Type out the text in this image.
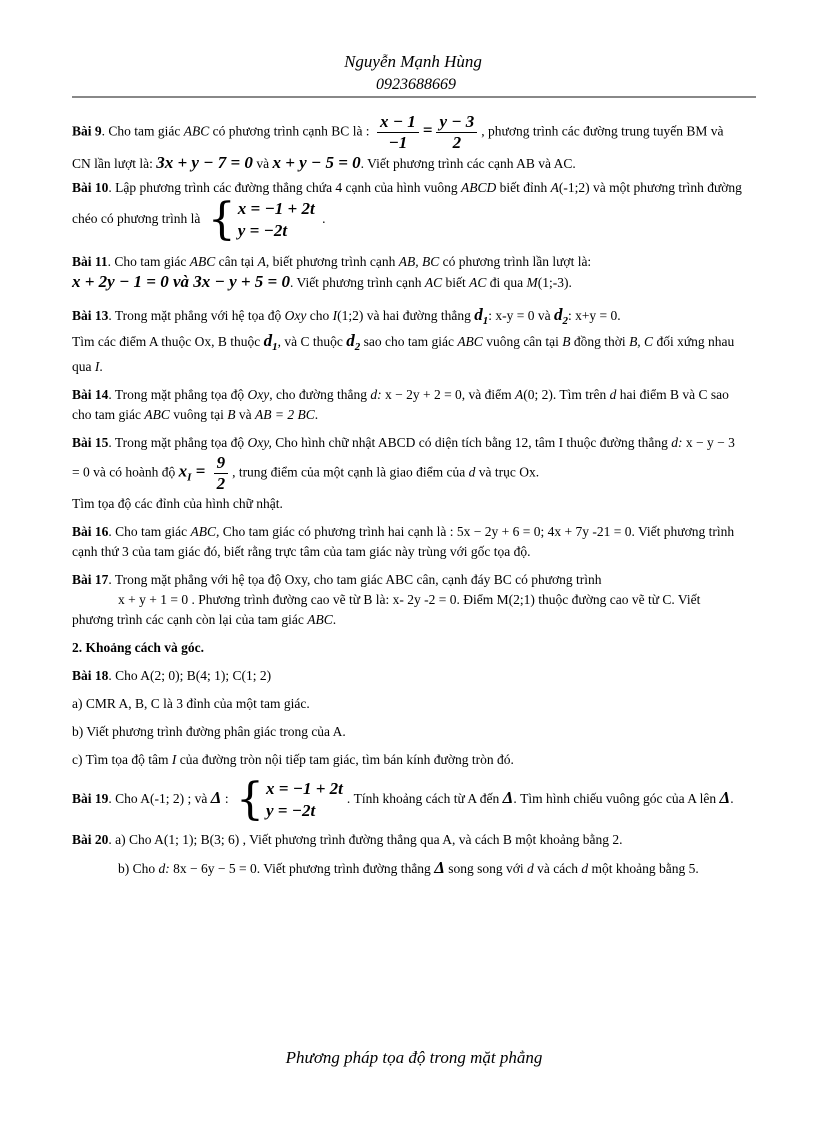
Nguyễn Mạnh Hùng
0923688669

Bài 9. Cho tam giác ABC có phương trình cạnh BC là : $\frac{x - 1}{-1} = \frac{y - 3}{2}$ , phương trình các đường trung tuyến BM và CN lần lượt là: 3x + y − 7 = 0 và x + y − 5 = 0. Viết phương trình các cạnh AB và AC.

Bài 10. Lập phương trình các đường thẳng chứa 4 cạnh của hình vuông ABCD biết đỉnh A(-1;2) và một phương trình đường chéo có phương trình là { x = −1 + 2t
y = −2t
.

Bài 11. Cho tam giác ABC cân tại A, biết phương trình cạnh AB, BC có phương trình lần lượt là:
x + 2y − 1 = 0 và 3x − y + 5 = 0. Viết phương trình cạnh AC biết AC đi qua M(1;-3).

Bài 13. Trong mặt phẳng với hệ tọa độ Oxy cho I(1;2) và hai đường thẳng $d_1$: x-y = 0 và $d_2$: x+y = 0.
Tìm các điểm A thuộc Ox, B thuộc $d_1$, và C thuộc $d_2$ sao cho tam giác ABC vuông cân tại B đồng thời B, C đối xứng nhau qua I.

Bài 14. Trong mặt phẳng tọa độ Oxy, cho đường thẳng d: x − 2y + 2 = 0, và điểm A(0; 2). Tìm trên d hai điểm B và C sao cho tam giác ABC vuông tại B và AB = 2 BC.

Bài 15. Trong mặt phẳng tọa độ Oxy, Cho hình chữ nhật ABCD có diện tích bằng 12, tâm I thuộc đường thẳng d: x − y − 3 = 0 và có hoành độ $x_I = \frac{9}{2}$ , trung điểm của một cạnh là giao điểm của d và trục Ox.
Tìm tọa độ các đỉnh của hình chữ nhật.

Bài 16. Cho tam giác ABC, Cho tam giác có phương trình hai cạnh là : 5x − 2y + 6 = 0; 4x + 7y -21 = 0. Viết phương trình cạnh thứ 3 của tam giác đó, biết rằng trực tâm của tam giác này trùng với gốc tọa độ.

Bài 17. Trong mặt phẳng với hệ tọa độ Oxy, cho tam giác ABC cân, cạnh đáy BC có phương trình
x + y + 1 = 0 . Phương trình đường cao vẽ từ B là: x- 2y -2 = 0. Điểm M(2;1) thuộc đường cao vẽ từ C. Viết phương trình các cạnh còn lại của tam giác ABC.

2. Khoảng cách và góc.

Bài 18. Cho A(2; 0); B(4; 1); C(1; 2)

a) CMR A, B, C là 3 đỉnh của một tam giác.

b) Viết phương trình đường phân giác trong của A.

c) Tìm tọa độ tâm I của đường tròn nội tiếp tam giác, tìm bán kính đường tròn đó.

Bài 19. Cho A(-1; 2) ; và Δ : { x = −1 + 2t
y = −2t
. Tính khoảng cách từ A đến Δ. Tìm hình chiếu vuông góc của A lên Δ.

Bài 20. a) Cho A(1; 1); B(3; 6) , Viết phương trình đường thẳng qua A, và cách B một khoảng bằng 2.

b) Cho d: 8x − 6y − 5 = 0. Viết phương trình đường thẳng Δ song song với d và cách d một khoảng bằng 5.

Phương pháp tọa độ trong mặt phẳng
